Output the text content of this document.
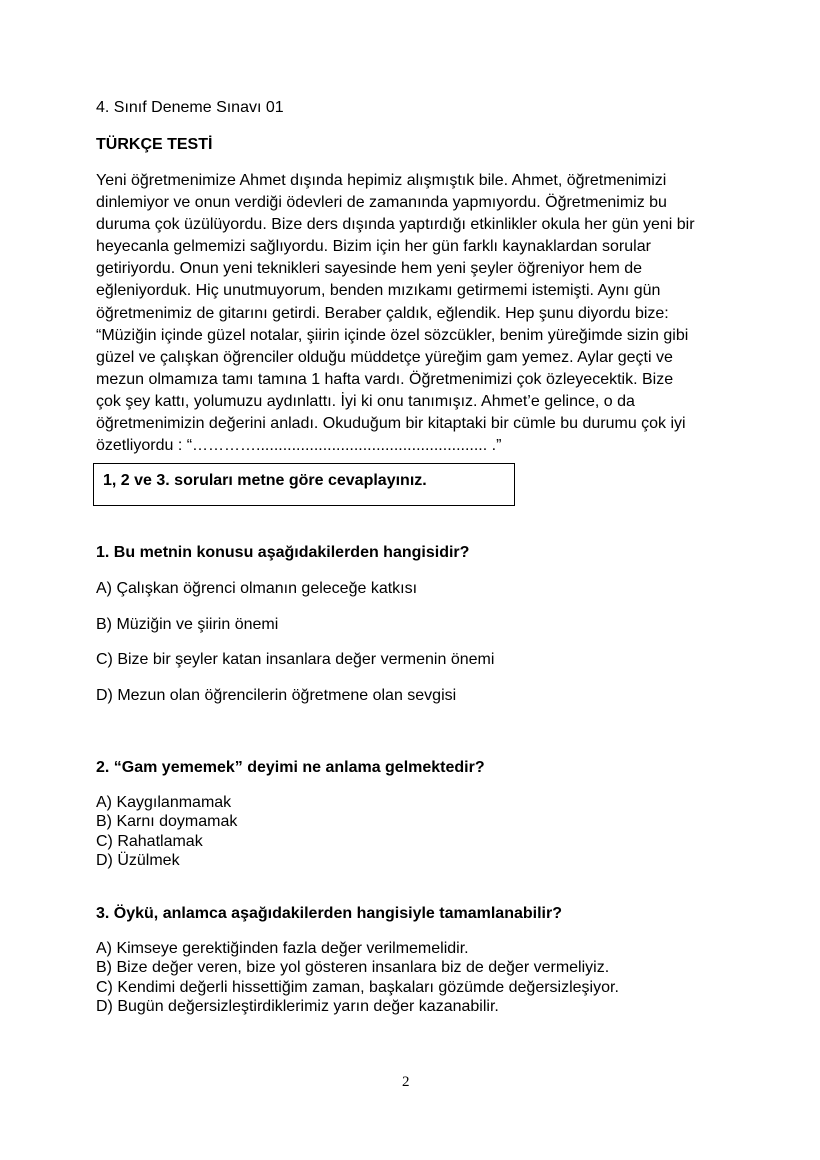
4. Sınıf Deneme Sınavı 01
TÜRKÇE TESTİ
Yeni öğretmenimize Ahmet dışında hepimiz alışmıştık bile. Ahmet, öğretmenimizi
dinlemiyor ve onun verdiği ödevleri de zamanında yapmıyordu. Öğretmenimiz bu
duruma çok üzülüyordu. Bize ders dışında yaptırdığı etkinlikler okula her gün yeni bir
heyecanla gelmemizi sağlıyordu. Bizim için her gün farklı kaynaklardan sorular
getiriyordu. Onun yeni teknikleri sayesinde hem yeni şeyler öğreniyor hem de
eğleniyorduk. Hiç unutmuyorum, benden mızıkamı getirmemi istemişti. Aynı gün
öğretmenimiz de gitarını getirdi. Beraber çaldık, eğlendik. Hep şunu diyordu bize:
“Müziğin içinde güzel notalar, şiirin içinde özel sözcükler, benim yüreğimde sizin gibi
güzel ve çalışkan öğrenciler olduğu müddetçe yüreğim gam yemez. Aylar geçti ve
mezun olmamıza tamı tamına 1 hafta vardı. Öğretmenimizi çok özleyecektik. Bize
çok şey kattı, yolumuzu aydınlattı. İyi ki onu tanımışız. Ahmet’e gelince, o da
öğretmenimizin değerini anladı. Okuduğum bir kitaptaki bir cümle bu durumu çok iyi
özetliyordu : “………….................................................... .”
1, 2 ve 3. soruları metne göre cevaplayınız.
1. Bu metnin konusu aşağıdakilerden hangisidir?
A) Çalışkan öğrenci olmanın geleceğe katkısı
B) Müziğin ve şiirin önemi
C) Bize bir şeyler katan insanlara değer vermenin önemi
D) Mezun olan öğrencilerin öğretmene olan sevgisi
2. “Gam yememek” deyimi ne anlama gelmektedir?
A) Kaygılanmamak
B) Karnı doymamak
C) Rahatlamak
D) Üzülmek
3. Öykü, anlamca aşağıdakilerden hangisiyle tamamlanabilir?
A) Kimseye gerektiğinden fazla değer verilmemelidir.
B) Bize değer veren, bize yol gösteren insanlara biz de değer vermeliyiz.
C) Kendimi değerli hissettiğim zaman, başkaları gözümde değersizleşiyor.
D) Bugün değersizleştirdiklerimiz yarın değer kazanabilir.
2
